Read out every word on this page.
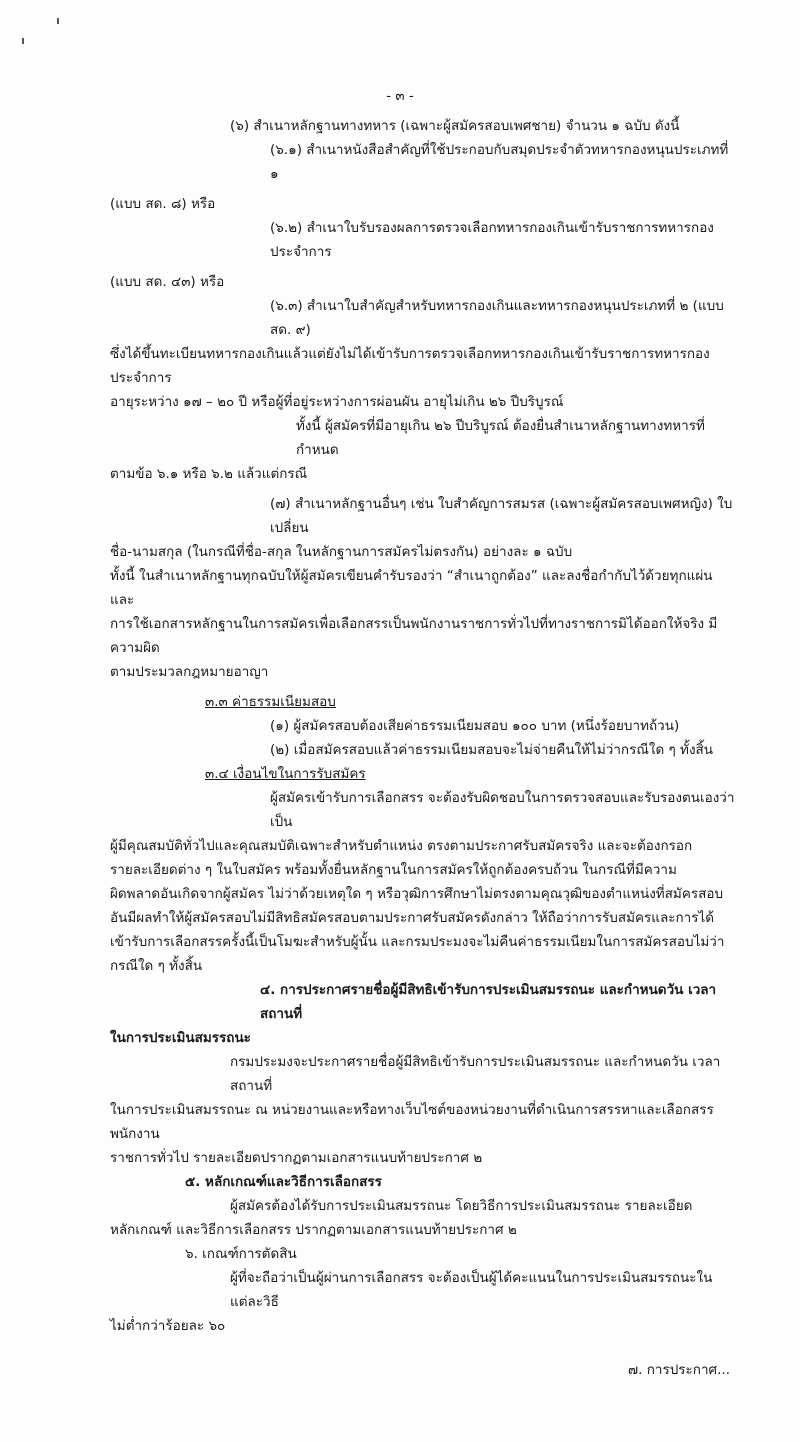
- ๓ -
(๖) สำเนาหลักฐานทางทหาร (เฉพาะผู้สมัครสอบเพศชาย) จำนวน ๑ ฉบับ ดังนี้
(๖.๑) สำเนาหนังสือสำคัญที่ใช้ประกอบกับสมุดประจำตัวทหารกองหนุนประเภทที่ ๑
(แบบ สด. ๘) หรือ
(๖.๒) สำเนาใบรับรองผลการตรวจเลือกทหารกองเกินเข้ารับราชการทหารกองประจำการ
(แบบ สด. ๔๓) หรือ
(๖.๓) สำเนาใบสำคัญสำหรับทหารกองเกินและทหารกองหนุนประเภทที่ ๒ (แบบ สด. ๙)
ซึ่งได้ขึ้นทะเบียนทหารกองเกินแล้วแต่ยังไม่ได้เข้ารับการตรวจเลือกทหารกองเกินเข้ารับราชการทหารกองประจำการ
อายุระหว่าง ๑๗ – ๒๐ ปี หรือผู้ที่อยู่ระหว่างการผ่อนผัน อายุไม่เกิน ๒๖ ปีบริบูรณ์
ทั้งนี้ ผู้สมัครที่มีอายุเกิน ๒๖ ปีบริบูรณ์ ต้องยื่นสำเนาหลักฐานทางทหารที่กำหนด
ตามข้อ ๖.๑ หรือ ๖.๒ แล้วแต่กรณี
(๗) สำเนาหลักฐานอื่นๆ เช่น ใบสำคัญการสมรส (เฉพาะผู้สมัครสอบเพศหญิง) ใบเปลี่ยน
ชื่อ-นามสกุล (ในกรณีที่ชื่อ-สกุล ในหลักฐานการสมัครไม่ตรงกัน) อย่างละ ๑ ฉบับ
ทั้งนี้ ในสำเนาหลักฐานทุกฉบับให้ผู้สมัครเขียนคำรับรองว่า “สำเนาถูกต้อง” และลงชื่อกำกับไว้ด้วยทุกแผ่น และ
การใช้เอกสารหลักฐานในการสมัครเพื่อเลือกสรรเป็นพนักงานราชการทั่วไปที่ทางราชการมิได้ออกให้จริง มีความผิด
ตามประมวลกฎหมายอาญา
๓.๓ ค่าธรรมเนียมสอบ
(๑) ผู้สมัครสอบต้องเสียค่าธรรมเนียมสอบ ๑๐๐ บาท (หนึ่งร้อยบาทถ้วน)
(๒) เมื่อสมัครสอบแล้วค่าธรรมเนียมสอบจะไม่จ่ายคืนให้ไม่ว่ากรณีใด ๆ ทั้งสิ้น
๓.๔ เงื่อนไขในการรับสมัคร
ผู้สมัครเข้ารับการเลือกสรร จะต้องรับผิดชอบในการตรวจสอบและรับรองตนเองว่าเป็น
ผู้มีคุณสมบัติทั่วไปและคุณสมบัติเฉพาะสำหรับตำแหน่ง ตรงตามประกาศรับสมัครจริง และจะต้องกรอก
รายละเอียดต่าง ๆ ในใบสมัคร พร้อมทั้งยื่นหลักฐานในการสมัครให้ถูกต้องครบถ้วน ในกรณีที่มีความ
ผิดพลาดอันเกิดจากผู้สมัคร ไม่ว่าด้วยเหตุใด ๆ หรือวุฒิการศึกษาไม่ตรงตามคุณวุฒิของตำแหน่งที่สมัครสอบ
อันมีผลทำให้ผู้สมัครสอบไม่มีสิทธิสมัครสอบตามประกาศรับสมัครดังกล่าว ให้ถือว่าการรับสมัครและการได้
เข้ารับการเลือกสรรครั้งนี้เป็นโมฆะสำหรับผู้นั้น และกรมประมงจะไม่คืนค่าธรรมเนียมในการสมัครสอบไม่ว่า
กรณีใด ๆ ทั้งสิ้น
๔. การประกาศรายชื่อผู้มีสิทธิเข้ารับการประเมินสมรรถนะ และกำหนดวัน เวลา สถานที่
ในการประเมินสมรรถนะ
กรมประมงจะประกาศรายชื่อผู้มีสิทธิเข้ารับการประเมินสมรรถนะ และกำหนดวัน เวลา สถานที่
ในการประเมินสมรรถนะ ณ หน่วยงานและหรือทางเว็บไซต์ของหน่วยงานที่ดำเนินการสรรหาและเลือกสรรพนักงาน
ราชการทั่วไป รายละเอียดปรากฏตามเอกสารแนบท้ายประกาศ ๒
๕. หลักเกณฑ์และวิธีการเลือกสรร
ผู้สมัครต้องได้รับการประเมินสมรรถนะ โดยวิธีการประเมินสมรรถนะ รายละเอียด
หลักเกณฑ์ และวิธีการเลือกสรร ปรากฏตามเอกสารแนบท้ายประกาศ ๒
๖. เกณฑ์การตัดสิน
ผู้ที่จะถือว่าเป็นผู้ผ่านการเลือกสรร จะต้องเป็นผู้ได้คะแนนในการประเมินสมรรถนะในแต่ละวิธี
ไม่ต่ำกว่าร้อยละ ๖๐
๗. การประกาศ...
